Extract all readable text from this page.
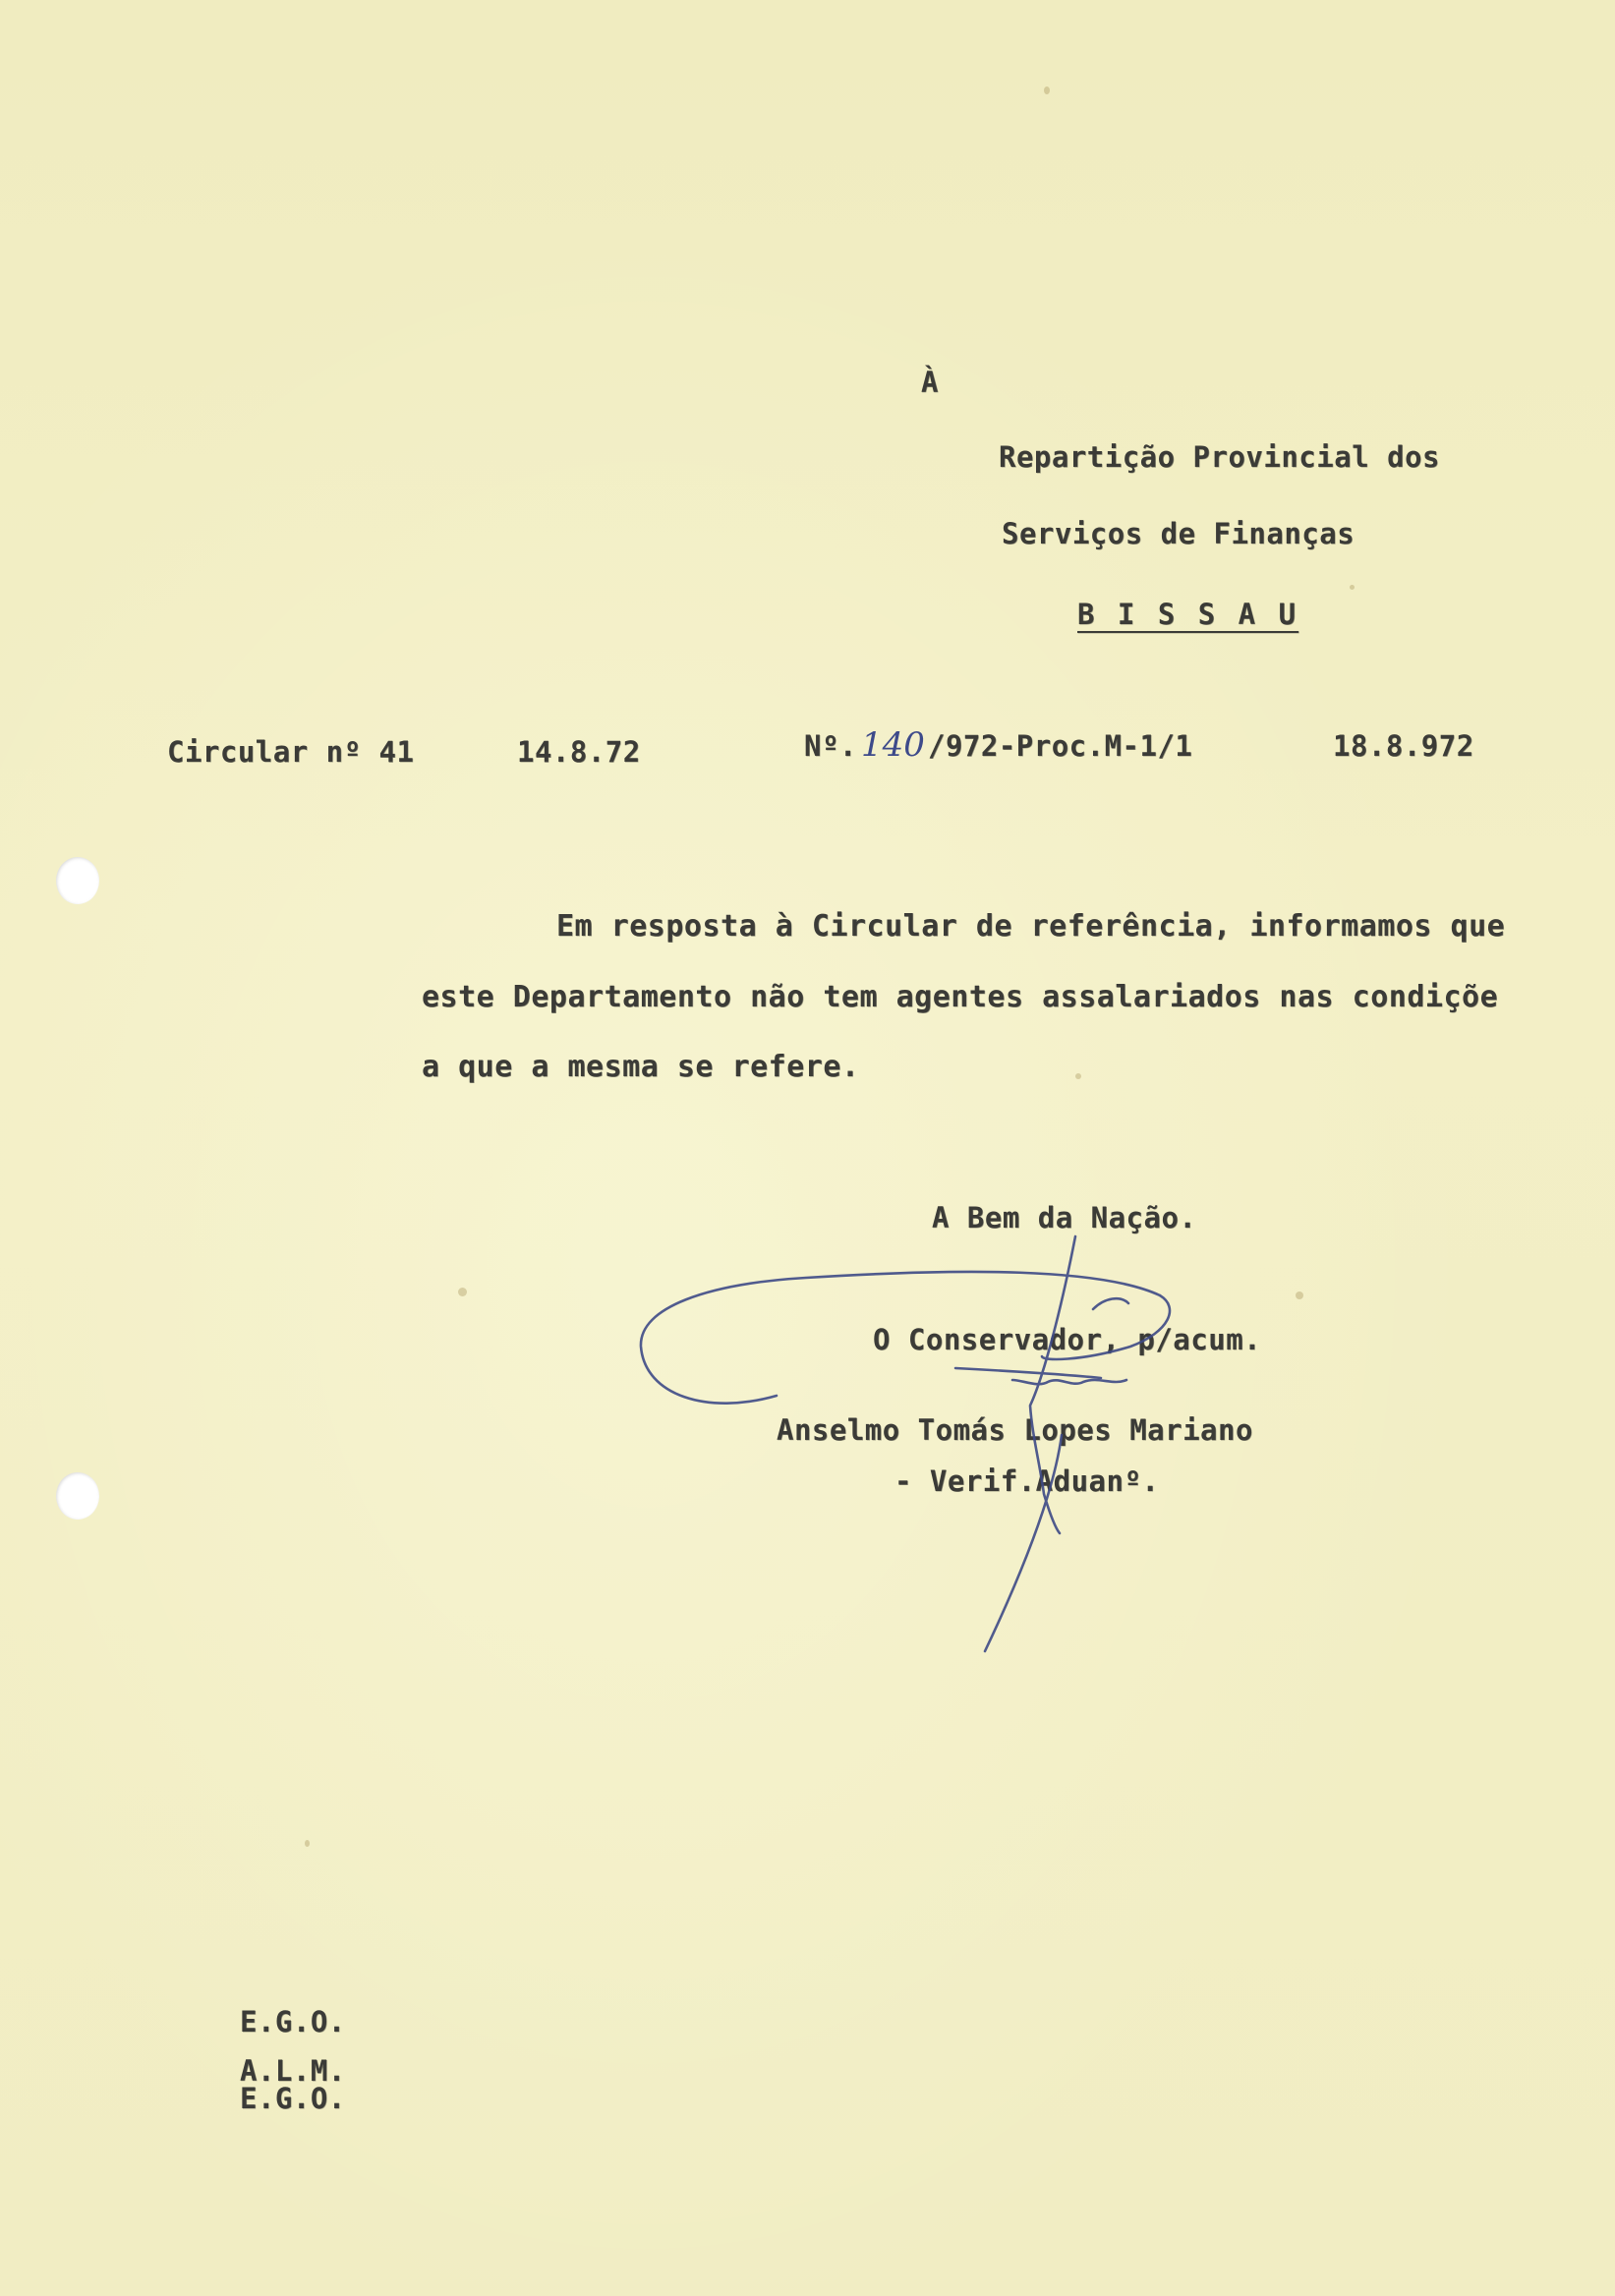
À
Repartição Provincial dos
Serviços de Finanças
B I S S A U
Circular nº 41	14.8.72	Nº. 140 /972-Proc.M-1/1	18.8.972
Em resposta à Circular de referência, informamos que
este Departamento não tem agentes assalariados nas condiçõe
a que a mesma se refere.
A Bem da Nação.
O Conservador, p/acum.
Anselmo Tomás Lopes Mariano
- Verif.Aduanº.
E.G.O.
A.L.M.
E.G.O.
